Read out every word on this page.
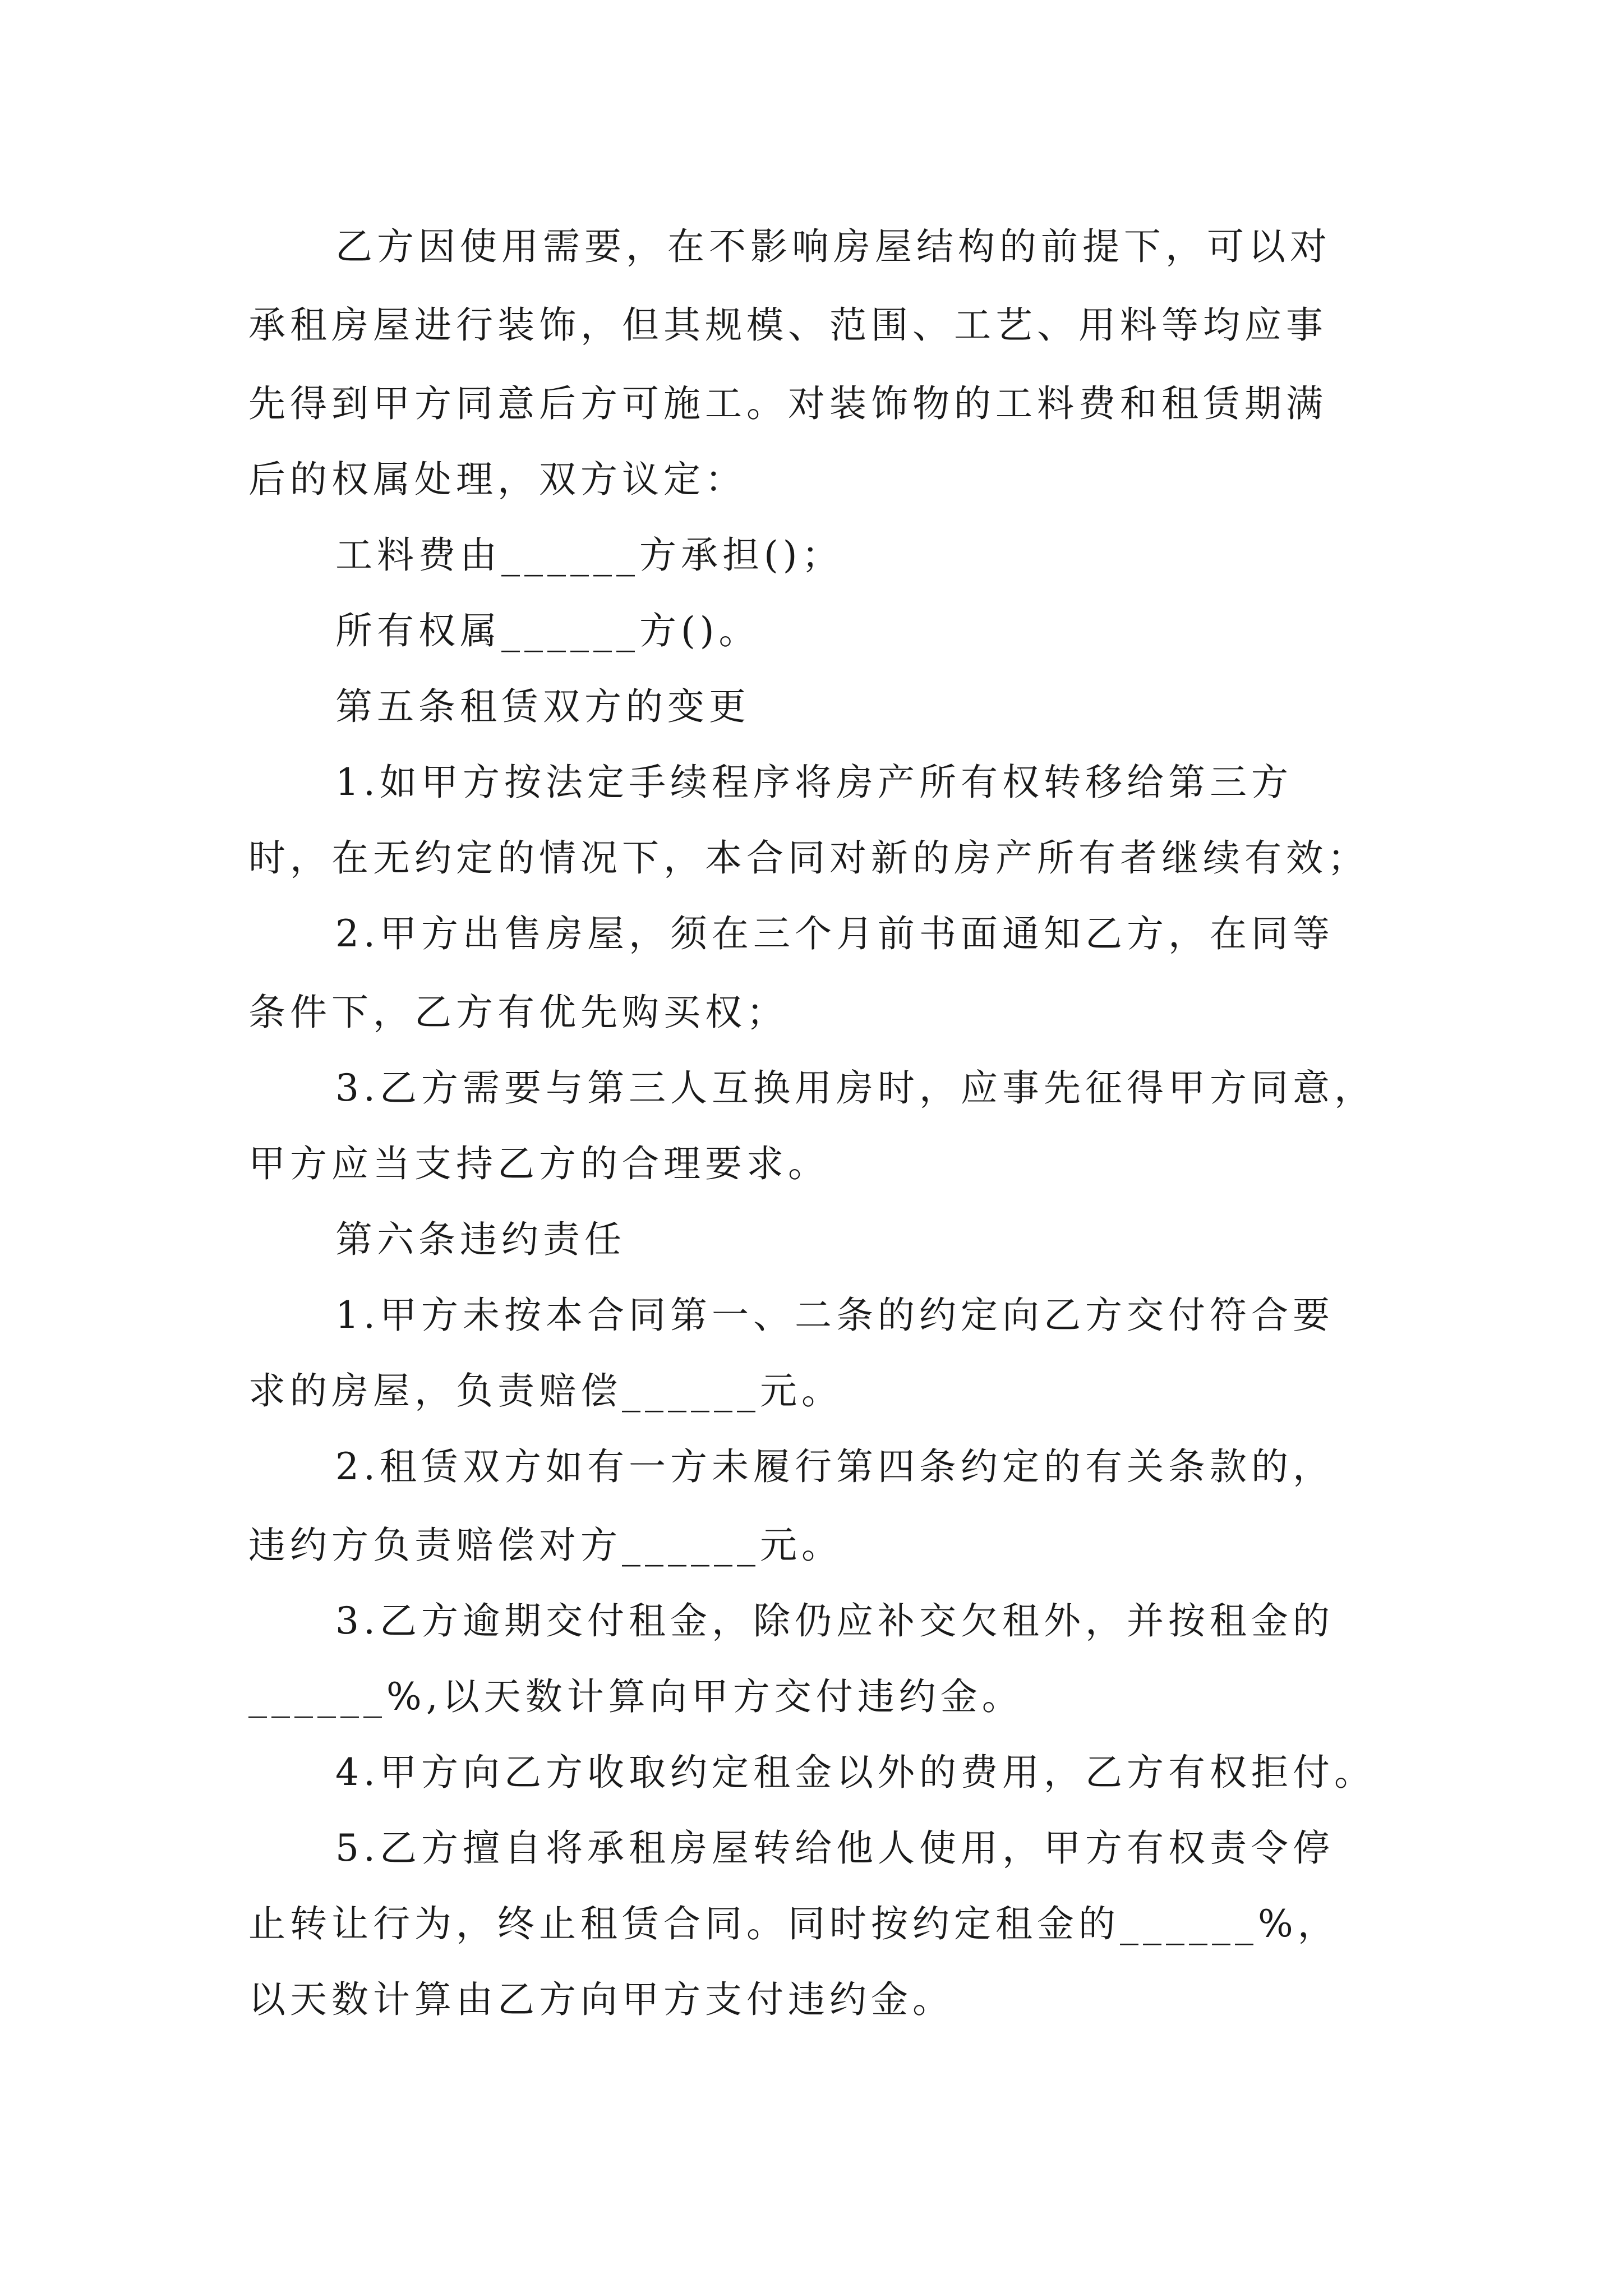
乙方因使用需要，在不影响房屋结构的前提下，可以对

承租房屋进行装饰，但其规模、范围、工艺、用料等均应事

先得到甲方同意后方可施工。对装饰物的工料费和租赁期满

后的权属处理，双方议定：

工料费由______方承担()；

所有权属______方()。

第五条租赁双方的变更

1.如甲方按法定手续程序将房产所有权转移给第三方

时，在无约定的情况下，本合同对新的房产所有者继续有效；

2.甲方出售房屋，须在三个月前书面通知乙方，在同等

条件下，乙方有优先购买权；

3.乙方需要与第三人互换用房时，应事先征得甲方同意，

甲方应当支持乙方的合理要求。

第六条违约责任

1.甲方未按本合同第一、二条的约定向乙方交付符合要

求的房屋，负责赔偿______元。

2.租赁双方如有一方未履行第四条约定的有关条款的，

违约方负责赔偿对方______元。

3.乙方逾期交付租金，除仍应补交欠租外，并按租金的

______%,以天数计算向甲方交付违约金。

4.甲方向乙方收取约定租金以外的费用，乙方有权拒付。

5.乙方擅自将承租房屋转给他人使用，甲方有权责令停

止转让行为，终止租赁合同。同时按约定租金的______%，

以天数计算由乙方向甲方支付违约金。
